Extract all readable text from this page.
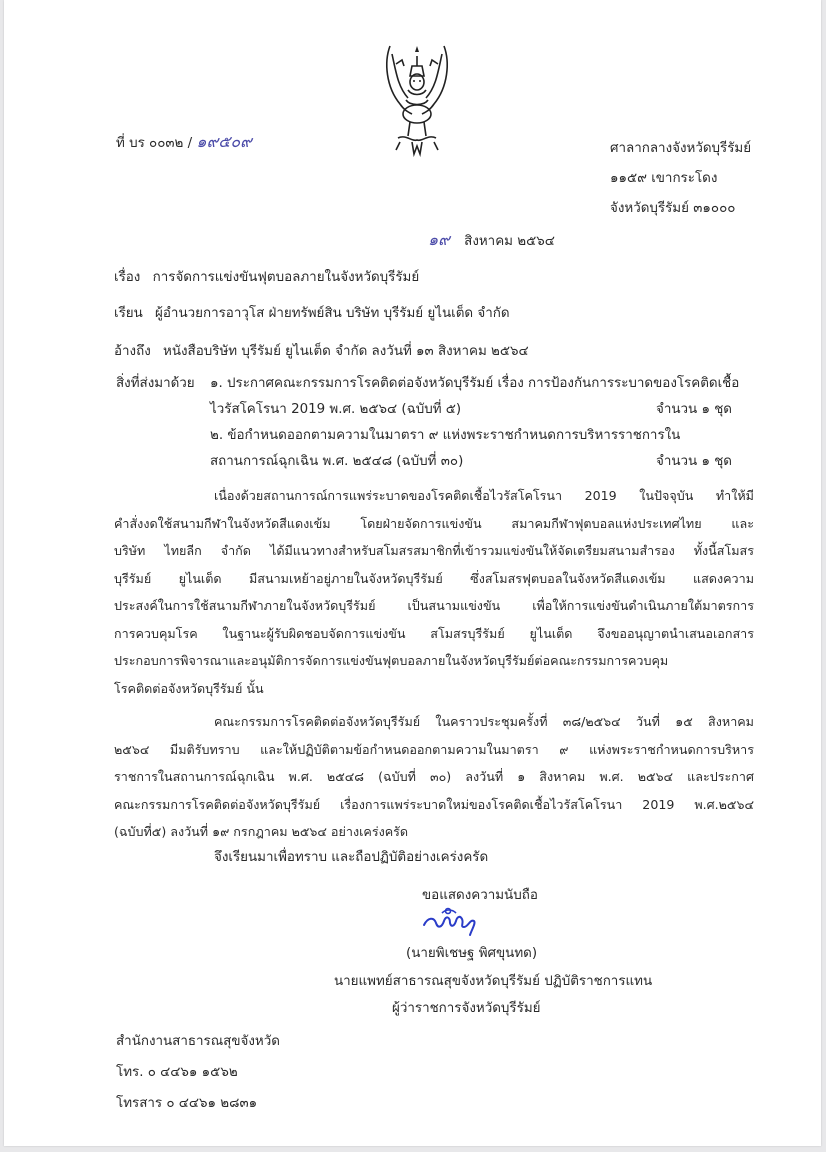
ที่ บร ๐๐๓๒ / ๑๙๕๐๙	ศาลากลางจังหวัดบุรีรัมย์
๑๑๕๙ เขากระโดง
จังหวัดบุรีรัมย์ ๓๑๐๐๐
๑๙ สิงหาคม ๒๕๖๔
เรื่อง การจัดการแข่งขันฟุตบอลภายในจังหวัดบุรีรัมย์
เรียน ผู้อำนวยการอาวุโส ฝ่ายทรัพย์สิน บริษัท บุรีรัมย์ ยูไนเต็ด จำกัด
อ้างถึง หนังสือบริษัท บุรีรัมย์ ยูไนเต็ด จำกัด ลงวันที่ ๑๓ สิงหาคม ๒๕๖๔
สิ่งที่ส่งมาด้วย ๑. ประกาศคณะกรรมการโรคติดต่อจังหวัดบุรีรัมย์ เรื่อง การป้องกันการระบาดของโรคติดเชื้อ
ไวรัสโคโรนา 2019 พ.ศ. ๒๕๖๔ (ฉบับที่ ๕)	จำนวน ๑ ชุด
๒. ข้อกำหนดออกตามความในมาตรา ๙ แห่งพระราชกำหนดการบริหารราชการใน
สถานการณ์ฉุกเฉิน พ.ศ. ๒๕๔๘ (ฉบับที่ ๓๐)	จำนวน ๑ ชุด
เนื่องด้วยสถานการณ์การแพร่ระบาดของโรคติดเชื้อไวรัสโคโรนา 2019 ในปัจจุบัน ทำให้มี
คำสั่งงดใช้สนามกีฬาในจังหวัดสีแดงเข้ม โดยฝ่ายจัดการแข่งขัน สมาคมกีฬาฟุตบอลแห่งประเทศไทย และ
บริษัท ไทยลีก จำกัด ได้มีแนวทางสำหรับสโมสรสมาชิกที่เข้ารวมแข่งขันให้จัดเตรียมสนามสำรอง ทั้งนี้สโมสร
บุรีรัมย์ ยูไนเต็ด มีสนามเหย้าอยู่ภายในจังหวัดบุรีรัมย์ ซึ่งสโมสรฟุตบอลในจังหวัดสีแดงเข้ม แสดงความ
ประสงค์ในการใช้สนามกีฬาภายในจังหวัดบุรีรัมย์ เป็นสนามแข่งขัน เพื่อให้การแข่งขันดำเนินภายใต้มาตรการ
การควบคุมโรค ในฐานะผู้รับผิดชอบจัดการแข่งขัน สโมสรบุรีรัมย์ ยูไนเต็ด จึงขออนุญาตนำเสนอเอกสาร
ประกอบการพิจารณาและอนุมัติการจัดการแข่งขันฟุตบอลภายในจังหวัดบุรีรัมย์ต่อคณะกรรมการควบคุม
โรคติดต่อจังหวัดบุรีรัมย์ นั้น
คณะกรรมการโรคติดต่อจังหวัดบุรีรัมย์ ในคราวประชุมครั้งที่ ๓๘/๒๕๖๔ วันที่ ๑๕ สิงหาคม
๒๕๖๔ มีมติรับทราบ และให้ปฏิบัติตามข้อกำหนดออกตามความในมาตรา ๙ แห่งพระราชกำหนดการบริหาร
ราชการในสถานการณ์ฉุกเฉิน พ.ศ. ๒๕๔๘ (ฉบับที่ ๓๐) ลงวันที่ ๑ สิงหาคม พ.ศ. ๒๕๖๔ และประกาศ
คณะกรรมการโรคติดต่อจังหวัดบุรีรัมย์ เรื่องการแพร่ระบาดใหม่ของโรคติดเชื้อไวรัสโคโรนา 2019 พ.ศ.๒๕๖๔
(ฉบับที่๕) ลงวันที่ ๑๙ กรกฎาคม ๒๕๖๔ อย่างเคร่งครัด
จึงเรียนมาเพื่อทราบ และถือปฏิบัติอย่างเคร่งครัด
ขอแสดงความนับถือ
(นายพิเชษฐ พิศขุนทด)
นายแพทย์สาธารณสุขจังหวัดบุรีรัมย์ ปฏิบัติราชการแทน
ผู้ว่าราชการจังหวัดบุรีรัมย์
สำนักงานสาธารณสุขจังหวัด
โทร. ๐ ๔๔๖๑ ๑๕๖๒
โทรสาร ๐ ๔๔๖๑ ๒๘๓๑
